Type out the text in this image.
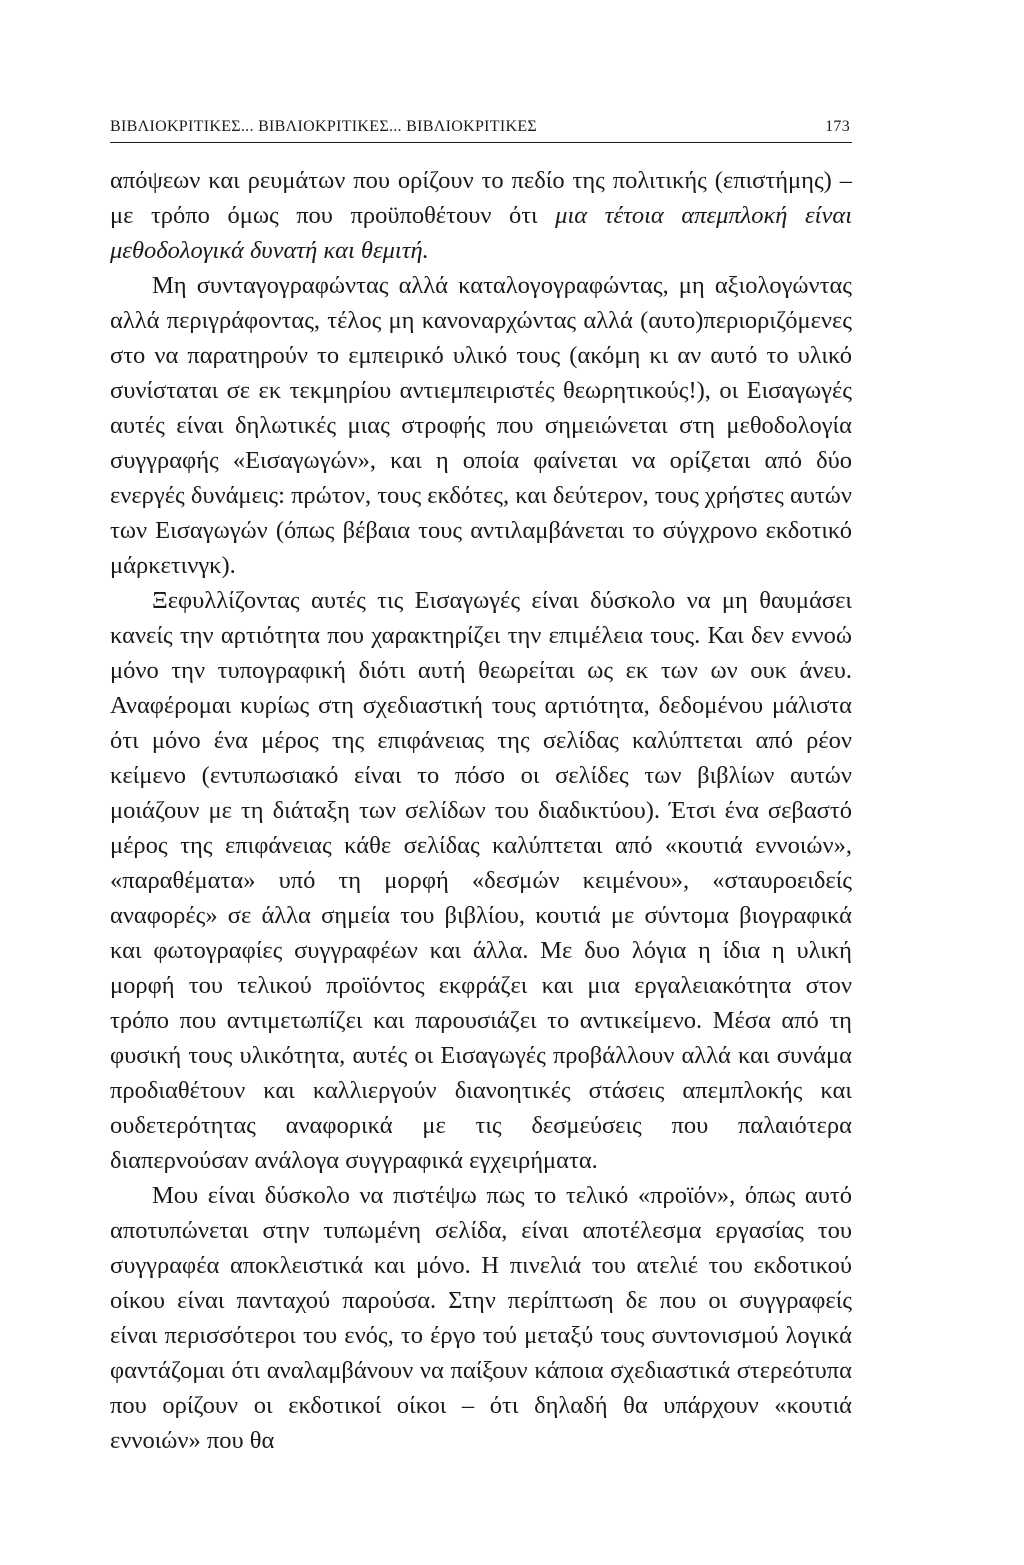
ΒΙΒΛΙΟΚΡΙΤΙΚΕΣ... ΒΙΒΛΙΟΚΡΙΤΙΚΕΣ... ΒΙΒΛΙΟΚΡΙΤΙΚΕΣ	173

απόψεων και ρευμάτων που ορίζουν το πεδίο της πολιτικής (επιστήμης) – με τρόπο όμως που προϋποθέτουν ότι μια τέτοια απεμπλοκή είναι μεθοδολογικά δυνατή και θεμιτή.

Μη συνταγογραφώντας αλλά καταλογογραφώντας, μη αξιολογώντας αλλά περιγράφοντας, τέλος μη κανοναρχώντας αλλά (αυτο)περιοριζόμενες στο να παρατηρούν το εμπειρικό υλικό τους (ακόμη κι αν αυτό το υλικό συνίσταται σε εκ τεκμηρίου αντιεμπειριστές θεωρητικούς!), οι Εισαγωγές αυτές είναι δηλωτικές μιας στροφής που σημειώνεται στη μεθοδολογία συγγραφής «Εισαγωγών», και η οποία φαίνεται να ορίζεται από δύο ενεργές δυνάμεις: πρώτον, τους εκδότες, και δεύτερον, τους χρήστες αυτών των Εισαγωγών (όπως βέβαια τους αντιλαμβάνεται το σύγχρονο εκδοτικό μάρκετινγκ).

Ξεφυλλίζοντας αυτές τις Εισαγωγές είναι δύσκολο να μη θαυμάσει κανείς την αρτιότητα που χαρακτηρίζει την επιμέλεια τους. Και δεν εννοώ μόνο την τυπογραφική διότι αυτή θεωρείται ως εκ των ων ουκ άνευ. Αναφέρομαι κυρίως στη σχεδιαστική τους αρτιότητα, δεδομένου μάλιστα ότι μόνο ένα μέρος της επιφάνειας της σελίδας καλύπτεται από ρέον κείμενο (εντυπωσιακό είναι το πόσο οι σελίδες των βιβλίων αυτών μοιάζουν με τη διάταξη των σελίδων του διαδικτύου). Έτσι ένα σεβαστό μέρος της επιφάνειας κάθε σελίδας καλύπτεται από «κουτιά εννοιών», «παραθέματα» υπό τη μορφή «δεσμών κειμένου», «σταυροειδείς αναφορές» σε άλλα σημεία του βιβλίου, κουτιά με σύντομα βιογραφικά και φωτογραφίες συγγραφέων και άλλα. Με δυο λόγια η ίδια η υλική μορφή του τελικού προϊόντος εκφράζει και μια εργαλειακότητα στον τρόπο που αντιμετωπίζει και παρουσιάζει το αντικείμενο. Μέσα από τη φυσική τους υλικότητα, αυτές οι Εισαγωγές προβάλλουν αλλά και συνάμα προδιαθέτουν και καλλιεργούν διανοητικές στάσεις απεμπλοκής και ουδετερότητας αναφορικά με τις δεσμεύσεις που παλαιότερα διαπερνούσαν ανάλογα συγγραφικά εγχειρήματα.

Μου είναι δύσκολο να πιστέψω πως το τελικό «προϊόν», όπως αυτό αποτυπώνεται στην τυπωμένη σελίδα, είναι αποτέλεσμα εργασίας του συγγραφέα αποκλειστικά και μόνο. Η πινελιά του ατελιέ του εκδοτικού οίκου είναι πανταχού παρούσα. Στην περίπτωση δε που οι συγγραφείς είναι περισσότεροι του ενός, το έργο τού μεταξύ τους συντονισμού λογικά φαντάζομαι ότι αναλαμβάνουν να παίξουν κάποια σχεδιαστικά στερεότυπα που ορίζουν οι εκδοτικοί οίκοι – ότι δηλαδή θα υπάρχουν «κουτιά εννοιών» που θα
